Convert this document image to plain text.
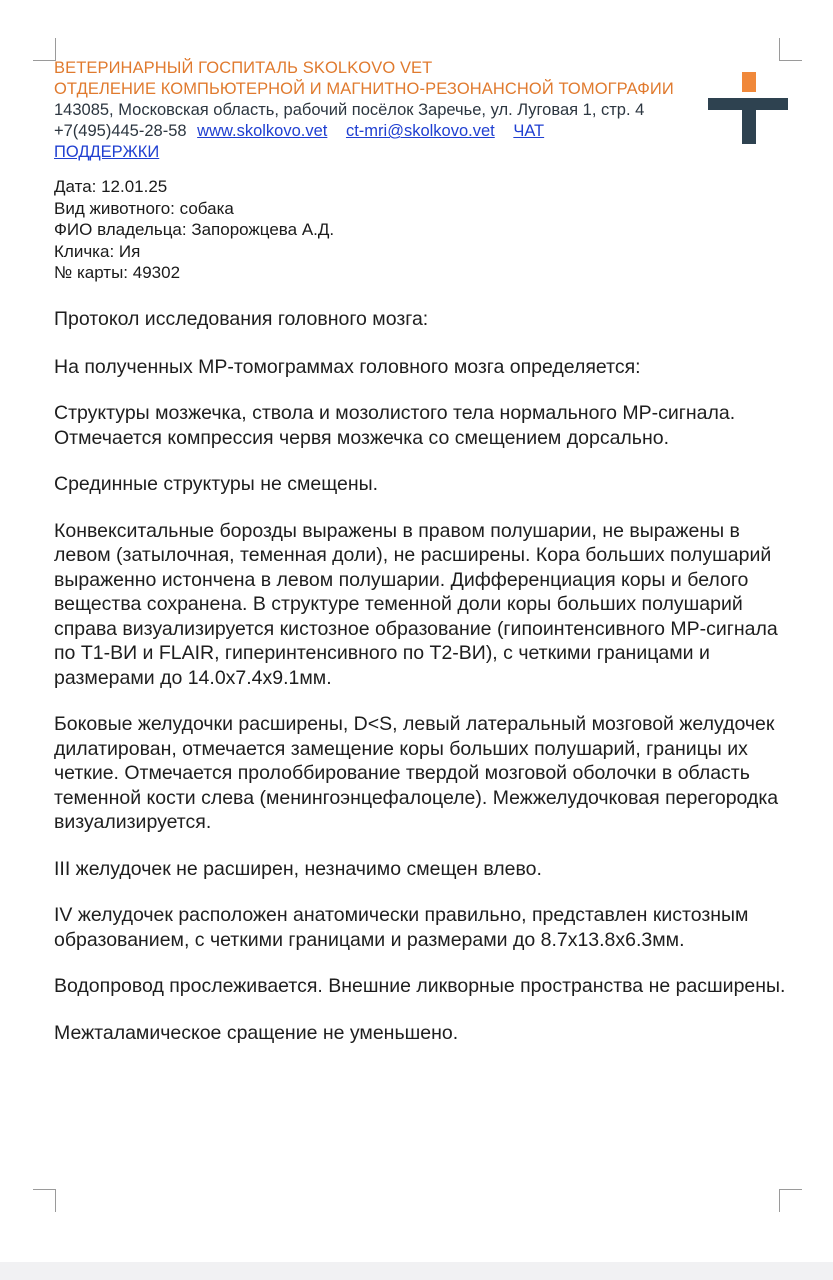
ВЕТЕРИНАРНЫЙ ГОСПИТАЛЬ SKOLKOVO VET
ОТДЕЛЕНИЕ КОМПЬЮТЕРНОЙ И МАГНИТНО-РЕЗОНАНСНОЙ ТОМОГРАФИИ
143085, Московская область, рабочий посёлок Заречье, ул. Луговая 1, стр. 4
+7(495)445-28-58 www.skolkovo.vet ct-mri@skolkovo.vet ЧАТ
ПОДДЕРЖКИ
Дата: 12.01.25
Вид животного: собака
ФИО владельца: Запорожцева А.Д.
Кличка: Ия
№ карты: 49302

Протокол исследования головного мозга:

На полученных МР-томограммах головного мозга определяется:

Структуры мозжечка, ствола и мозолистого тела нормального МР-сигнала. Отмечается компрессия червя мозжечка со смещением дорсально.

Срединные структуры не смещены.

Конвекситальные борозды выражены в правом полушарии, не выражены в левом (затылочная, теменная доли), не расширены. Кора больших полушарий выраженно истончена в левом полушарии. Дифференциация коры и белого вещества сохранена. В структуре теменной доли коры больших полушарий справа визуализируется кистозное образование (гипоинтенсивного МР-сигнала по Т1-ВИ и FLAIR, гиперинтенсивного по Т2-ВИ), с четкими границами и размерами до 14.0х7.4х9.1мм.

Боковые желудочки расширены, D<S, левый латеральный мозговой желудочек дилатирован, отмечается замещение коры больших полушарий, границы их четкие. Отмечается пролоббирование твердой мозговой оболочки в область теменной кости слева (менингоэнцефалоцеле). Межжелудочковая перегородка визуализируется.

III желудочек не расширен, незначимо смещен влево.

IV желудочек расположен анатомически правильно, представлен кистозным образованием, с четкими границами и размерами до 8.7х13.8х6.3мм.

Водопровод прослеживается. Внешние ликворные пространства не расширены.

Межталамическое сращение не уменьшено.
